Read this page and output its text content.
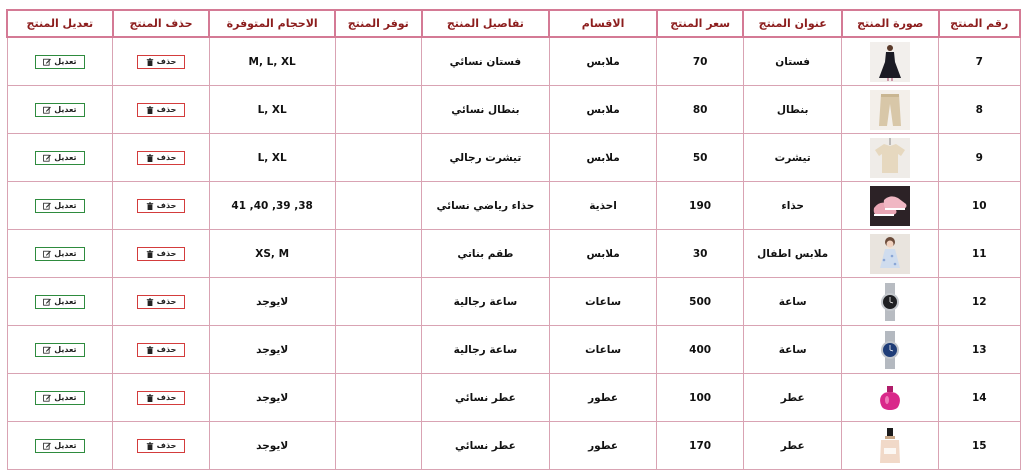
رقم المنتج	صورة المنتج	عنوان المنتج	سعر المنتج	الاقسام	تفاصيل المنتج	توفر المنتج	الاحجام المتوفرة	حذف المنتج	تعديل المنتج
7		فستان	70	ملابس	فستان نسائي		M, L, XL	حذف	تعديل

8		بنطال	80	ملابس	بنطال نسائي		L, XL	حذف	تعديل

9		تيشرت	50	ملابس	تيشرت رجالي		L, XL	حذف	تعديل

10		حذاء	190	احذية	حذاء رياضي نسائي		38, 39, 40, 41	حذف	تعديل

11		ملابس اطفال	30	ملابس	طقم بناتي		XS, M	حذف	تعديل

12		ساعة	500	ساعات	ساعة رجالية		لايوجد	حذف	تعديل

13		ساعة	400	ساعات	ساعة رجالية		لايوجد	حذف	تعديل

14		عطر	100	عطور	عطر نسائي		لايوجد	حذف	تعديل

15		عطر	170	عطور	عطر نسائي		لايوجد	حذف	تعديل
